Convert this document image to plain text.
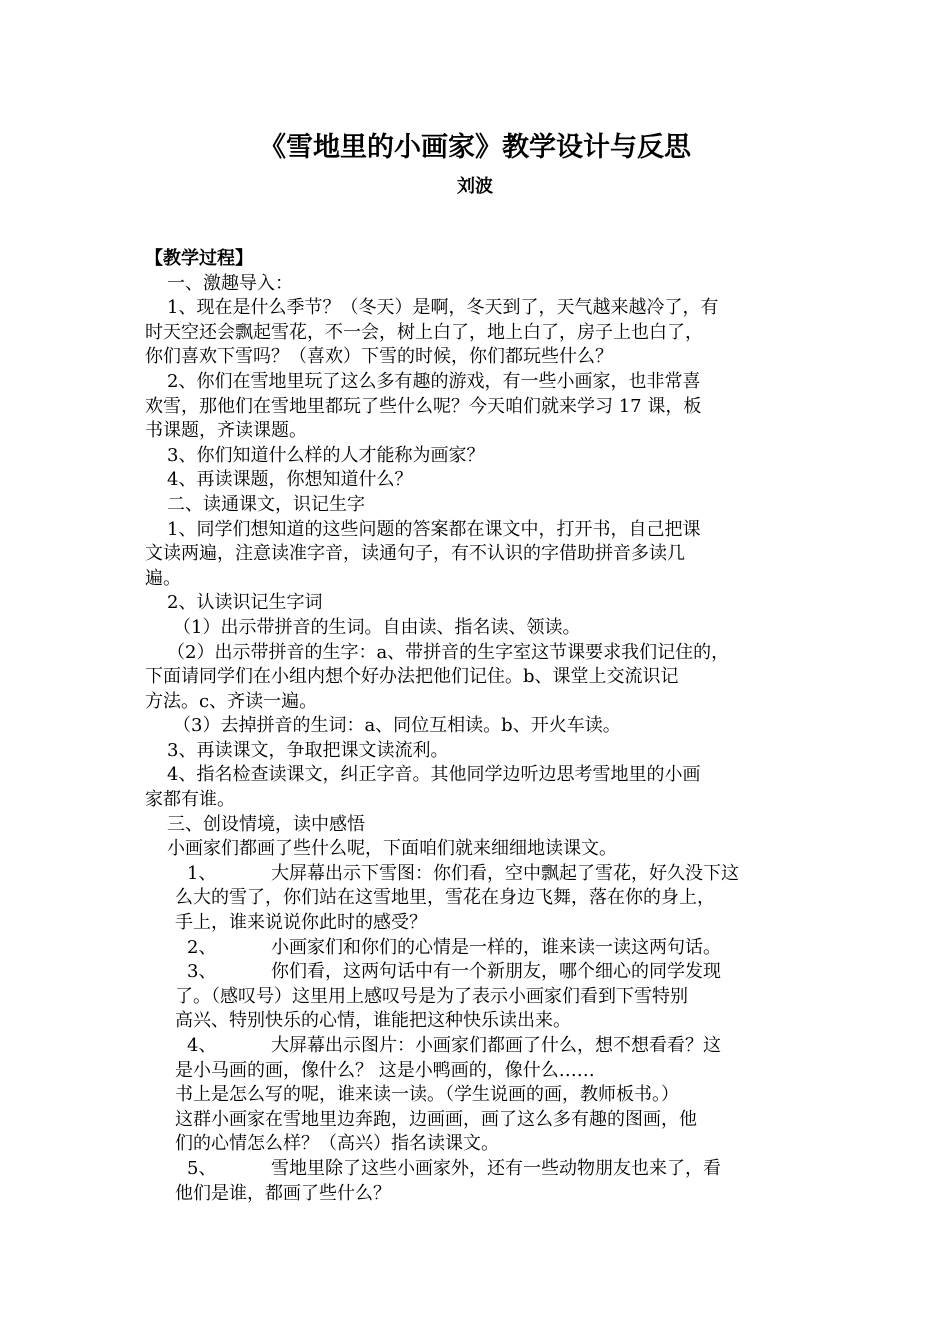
《雪地里的小画家》教学设计与反思
刘波
【教学过程】
一、激趣导入：
1、现在是什么季节？（冬天）是啊，冬天到了，天气越来越冷了，有
时天空还会飘起雪花，不一会，树上白了，地上白了，房子上也白了，
你们喜欢下雪吗？（喜欢）下雪的时候，你们都玩些什么？
2、你们在雪地里玩了这么多有趣的游戏，有一些小画家，也非常喜
欢雪，那他们在雪地里都玩了些什么呢？今天咱们就来学习 17 课，板
书课题，齐读课题。
3、你们知道什么样的人才能称为画家？
4、再读课题，你想知道什么？
二、读通课文，识记生字
1、同学们想知道的这些问题的答案都在课文中，打开书，自己把课
文读两遍，注意读准字音，读通句子，有不认识的字借助拼音多读几
遍。
2、认读识记生字词
（1）出示带拼音的生词。自由读、指名读、领读。
（2）出示带拼音的生字：a、带拼音的生字室这节课要求我们记住的，
下面请同学们在小组内想个好办法把他们记住。b、课堂上交流识记
方法。c、齐读一遍。
（3）去掉拼音的生词：a、同位互相读。b、开火车读。
3、再读课文，争取把课文读流利。
4、指名检查读课文，纠正字音。其他同学边听边思考雪地里的小画
家都有谁。
三、创设情境，读中感悟
小画家们都画了些什么呢，下面咱们就来细细地读课文。
1、	大屏幕出示下雪图：你们看，空中飘起了雪花，好久没下这
么大的雪了，你们站在这雪地里，雪花在身边飞舞，落在你的身上，
手上，谁来说说你此时的感受？
2、	小画家们和你们的心情是一样的，谁来读一读这两句话。
3、	你们看，这两句话中有一个新朋友，哪个细心的同学发现
了。（感叹号）这里用上感叹号是为了表示小画家们看到下雪特别
高兴、特别快乐的心情，谁能把这种快乐读出来。
4、	大屏幕出示图片：小画家们都画了什么，想不想看看？这
是小马画的画，像什么？ 这是小鸭画的，像什么……
书上是怎么写的呢，谁来读一读。（学生说画的画，教师板书。）
这群小画家在雪地里边奔跑，边画画，画了这么多有趣的图画，他
们的心情怎么样？（高兴）指名读课文。
5、	雪地里除了这些小画家外，还有一些动物朋友也来了，看
他们是谁，都画了些什么？
